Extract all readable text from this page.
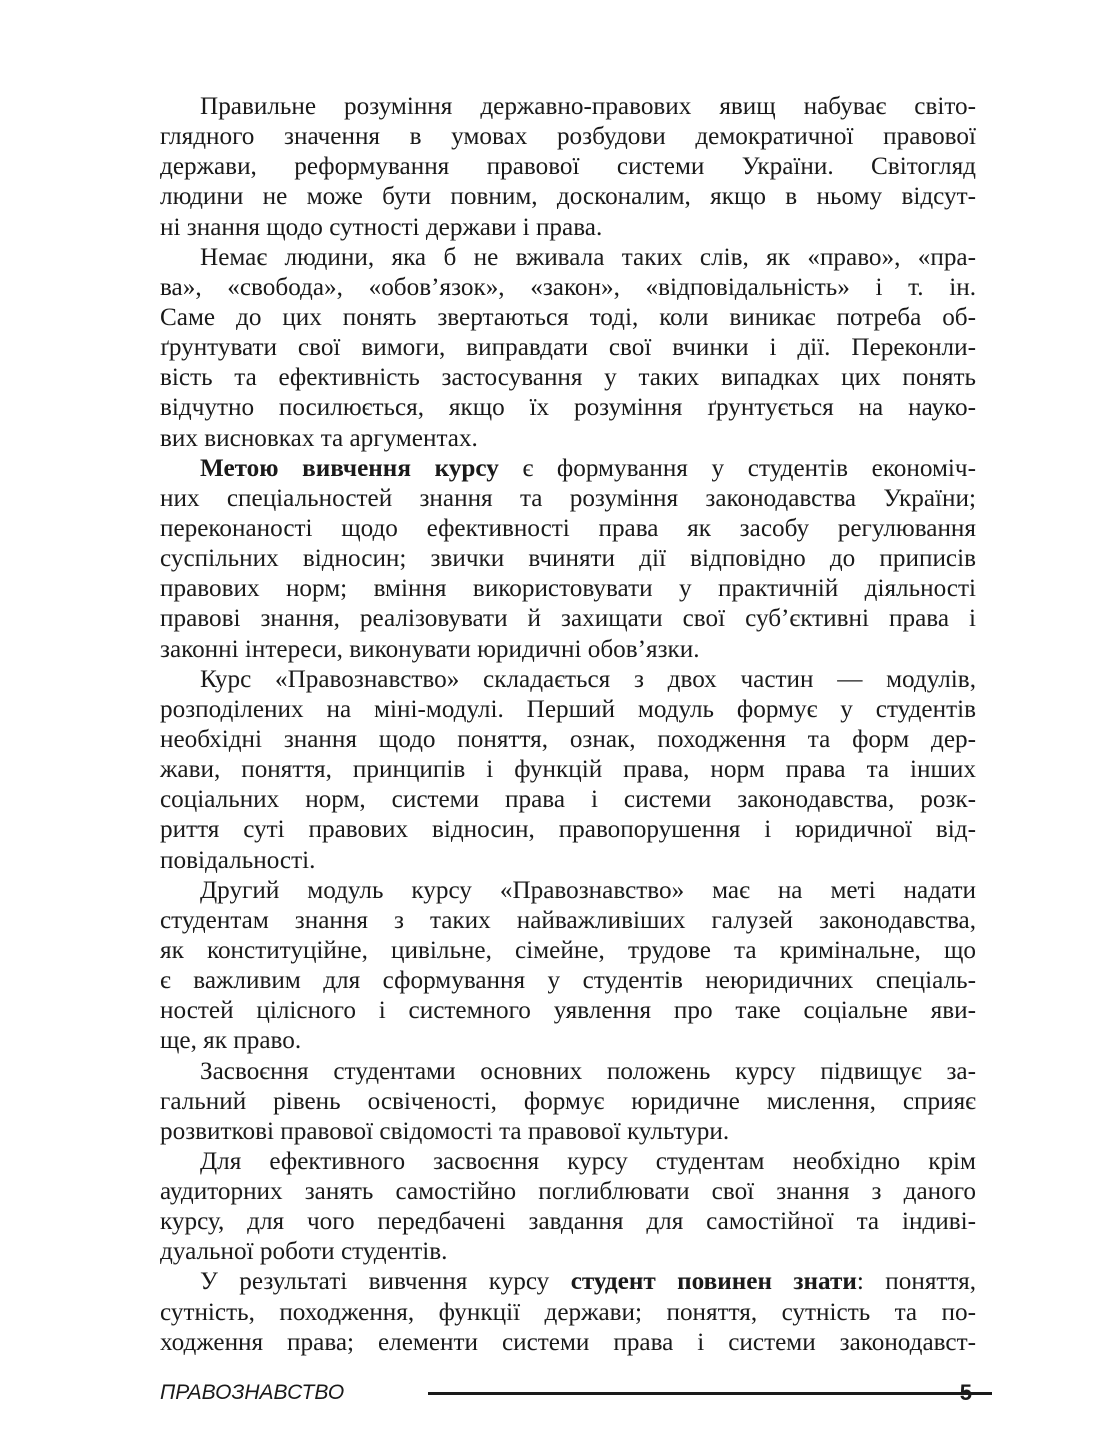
Правильне розуміння державно-правових явищ набуває світо-
глядного значення в умовах розбудови демократичної правової
держави, реформування правової системи України. Світогляд
людини не може бути повним, досконалим, якщо в ньому відсут-
ні знання щодо сутності держави і права.
Немає людини, яка б не вживала таких слів, як «право», «пра-
ва», «свобода», «обов’язок», «закон», «відповідальність» і т. ін.
Саме до цих понять звертаються тоді, коли виникає потреба об-
ґрунтувати свої вимоги, виправдати свої вчинки і дії. Переконли-
вість та ефективність застосування у таких випадках цих понять
відчутно посилюється, якщо їх розуміння ґрунтується на науко-
вих висновках та аргументах.
Метою вивчення курсу є формування у студентів економіч-
них спеціальностей знання та розуміння законодавства України;
переконаності щодо ефективності права як засобу регулювання
суспільних відносин; звички вчиняти дії відповідно до приписів
правових норм; вміння використовувати у практичній діяльності
правові знання, реалізовувати й захищати свої суб’єктивні права і
законні інтереси, виконувати юридичні обов’язки.
Курс «Правознавство» складається з двох частин — модулів,
розподілених на міні-модулі. Перший модуль формує у студентів
необхідні знання щодо поняття, ознак, походження та форм дер-
жави, поняття, принципів і функцій права, норм права та інших
соціальних норм, системи права і системи законодавства, розк-
риття суті правових відносин, правопорушення і юридичної від-
повідальності.
Другий модуль курсу «Правознавство» має на меті надати
студентам знання з таких найважливіших галузей законодавства,
як конституційне, цивільне, сімейне, трудове та кримінальне, що
є важливим для сформування у студентів неюридичних спеціаль-
ностей цілісного і системного уявлення про таке соціальне яви-
ще, як право.
Засвоєння студентами основних положень курсу підвищує за-
гальний рівень освіченості, формує юридичне мислення, сприяє
розвиткові правової свідомості та правової культури.
Для ефективного засвоєння курсу студентам необхідно крім
аудиторних занять самостійно поглиблювати свої знання з даного
курсу, для чого передбачені завдання для самостійної та індиві-
дуальної роботи студентів.
У результаті вивчення курсу студент повинен знати: поняття,
сутність, походження, функції держави; поняття, сутність та по-
ходження права; елементи системи права і системи законодавст-
ПРАВОЗНАВСТВО	5
